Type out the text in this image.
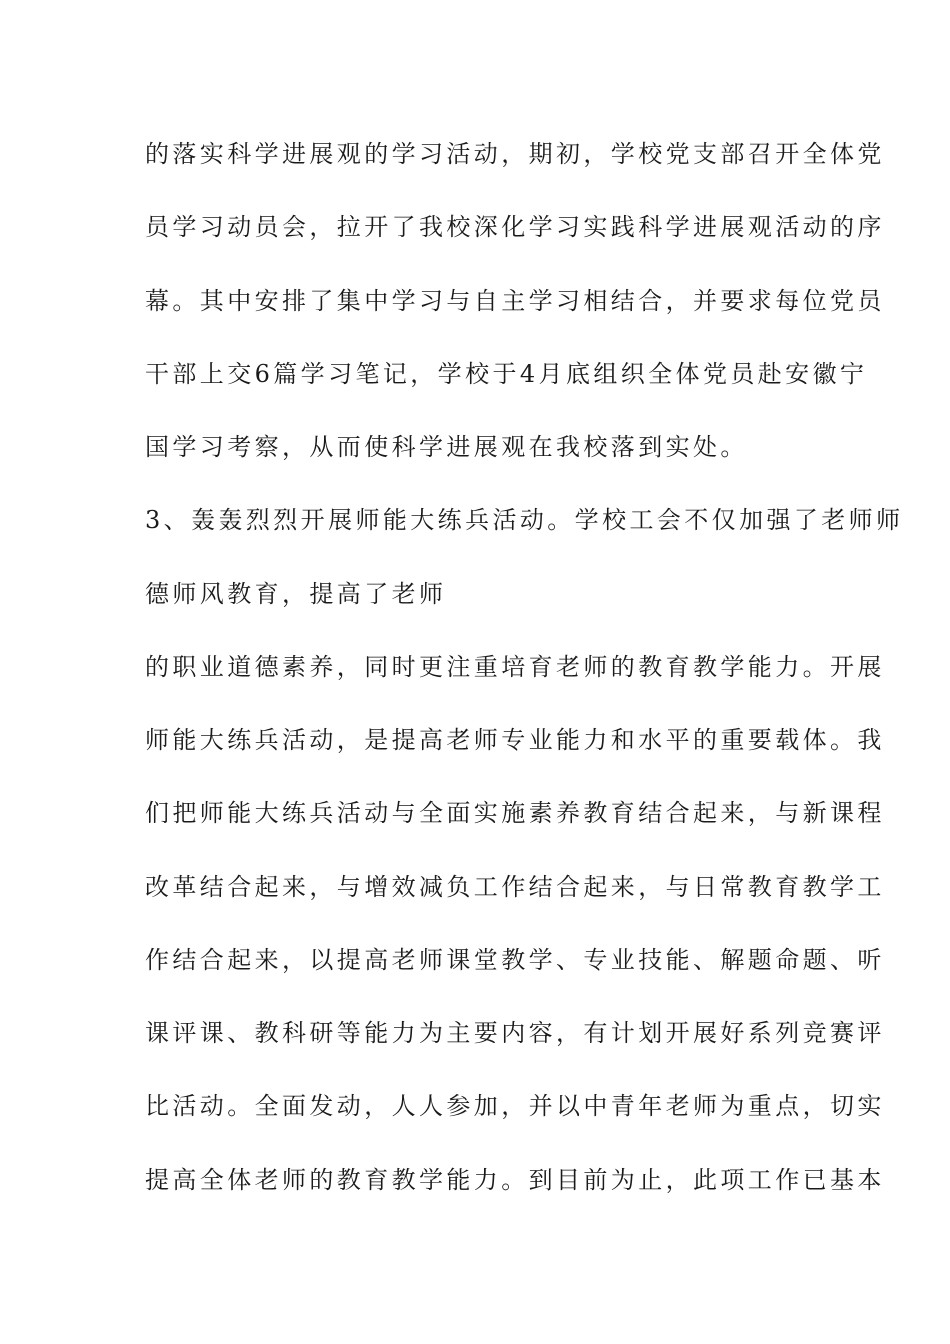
的落实科学进展观的学习活动，期初，学校党支部召开全体党
员学习动员会，拉开了我校深化学习实践科学进展观活动的序
幕。其中安排了集中学习与自主学习相结合，并要求每位党员
干部上交6篇学习笔记，学校于4月底组织全体党员赴安徽宁
国学习考察，从而使科学进展观在我校落到实处。
3、轰轰烈烈开展师能大练兵活动。学校工会不仅加强了老师师
德师风教育，提高了老师
的职业道德素养，同时更注重培育老师的教育教学能力。开展
师能大练兵活动，是提高老师专业能力和水平的重要载体。我
们把师能大练兵活动与全面实施素养教育结合起来，与新课程
改革结合起来，与增效减负工作结合起来，与日常教育教学工
作结合起来，以提高老师课堂教学、专业技能、解题命题、听
课评课、教科研等能力为主要内容，有计划开展好系列竞赛评
比活动。全面发动，人人参加，并以中青年老师为重点，切实
提高全体老师的教育教学能力。到目前为止，此项工作已基本
